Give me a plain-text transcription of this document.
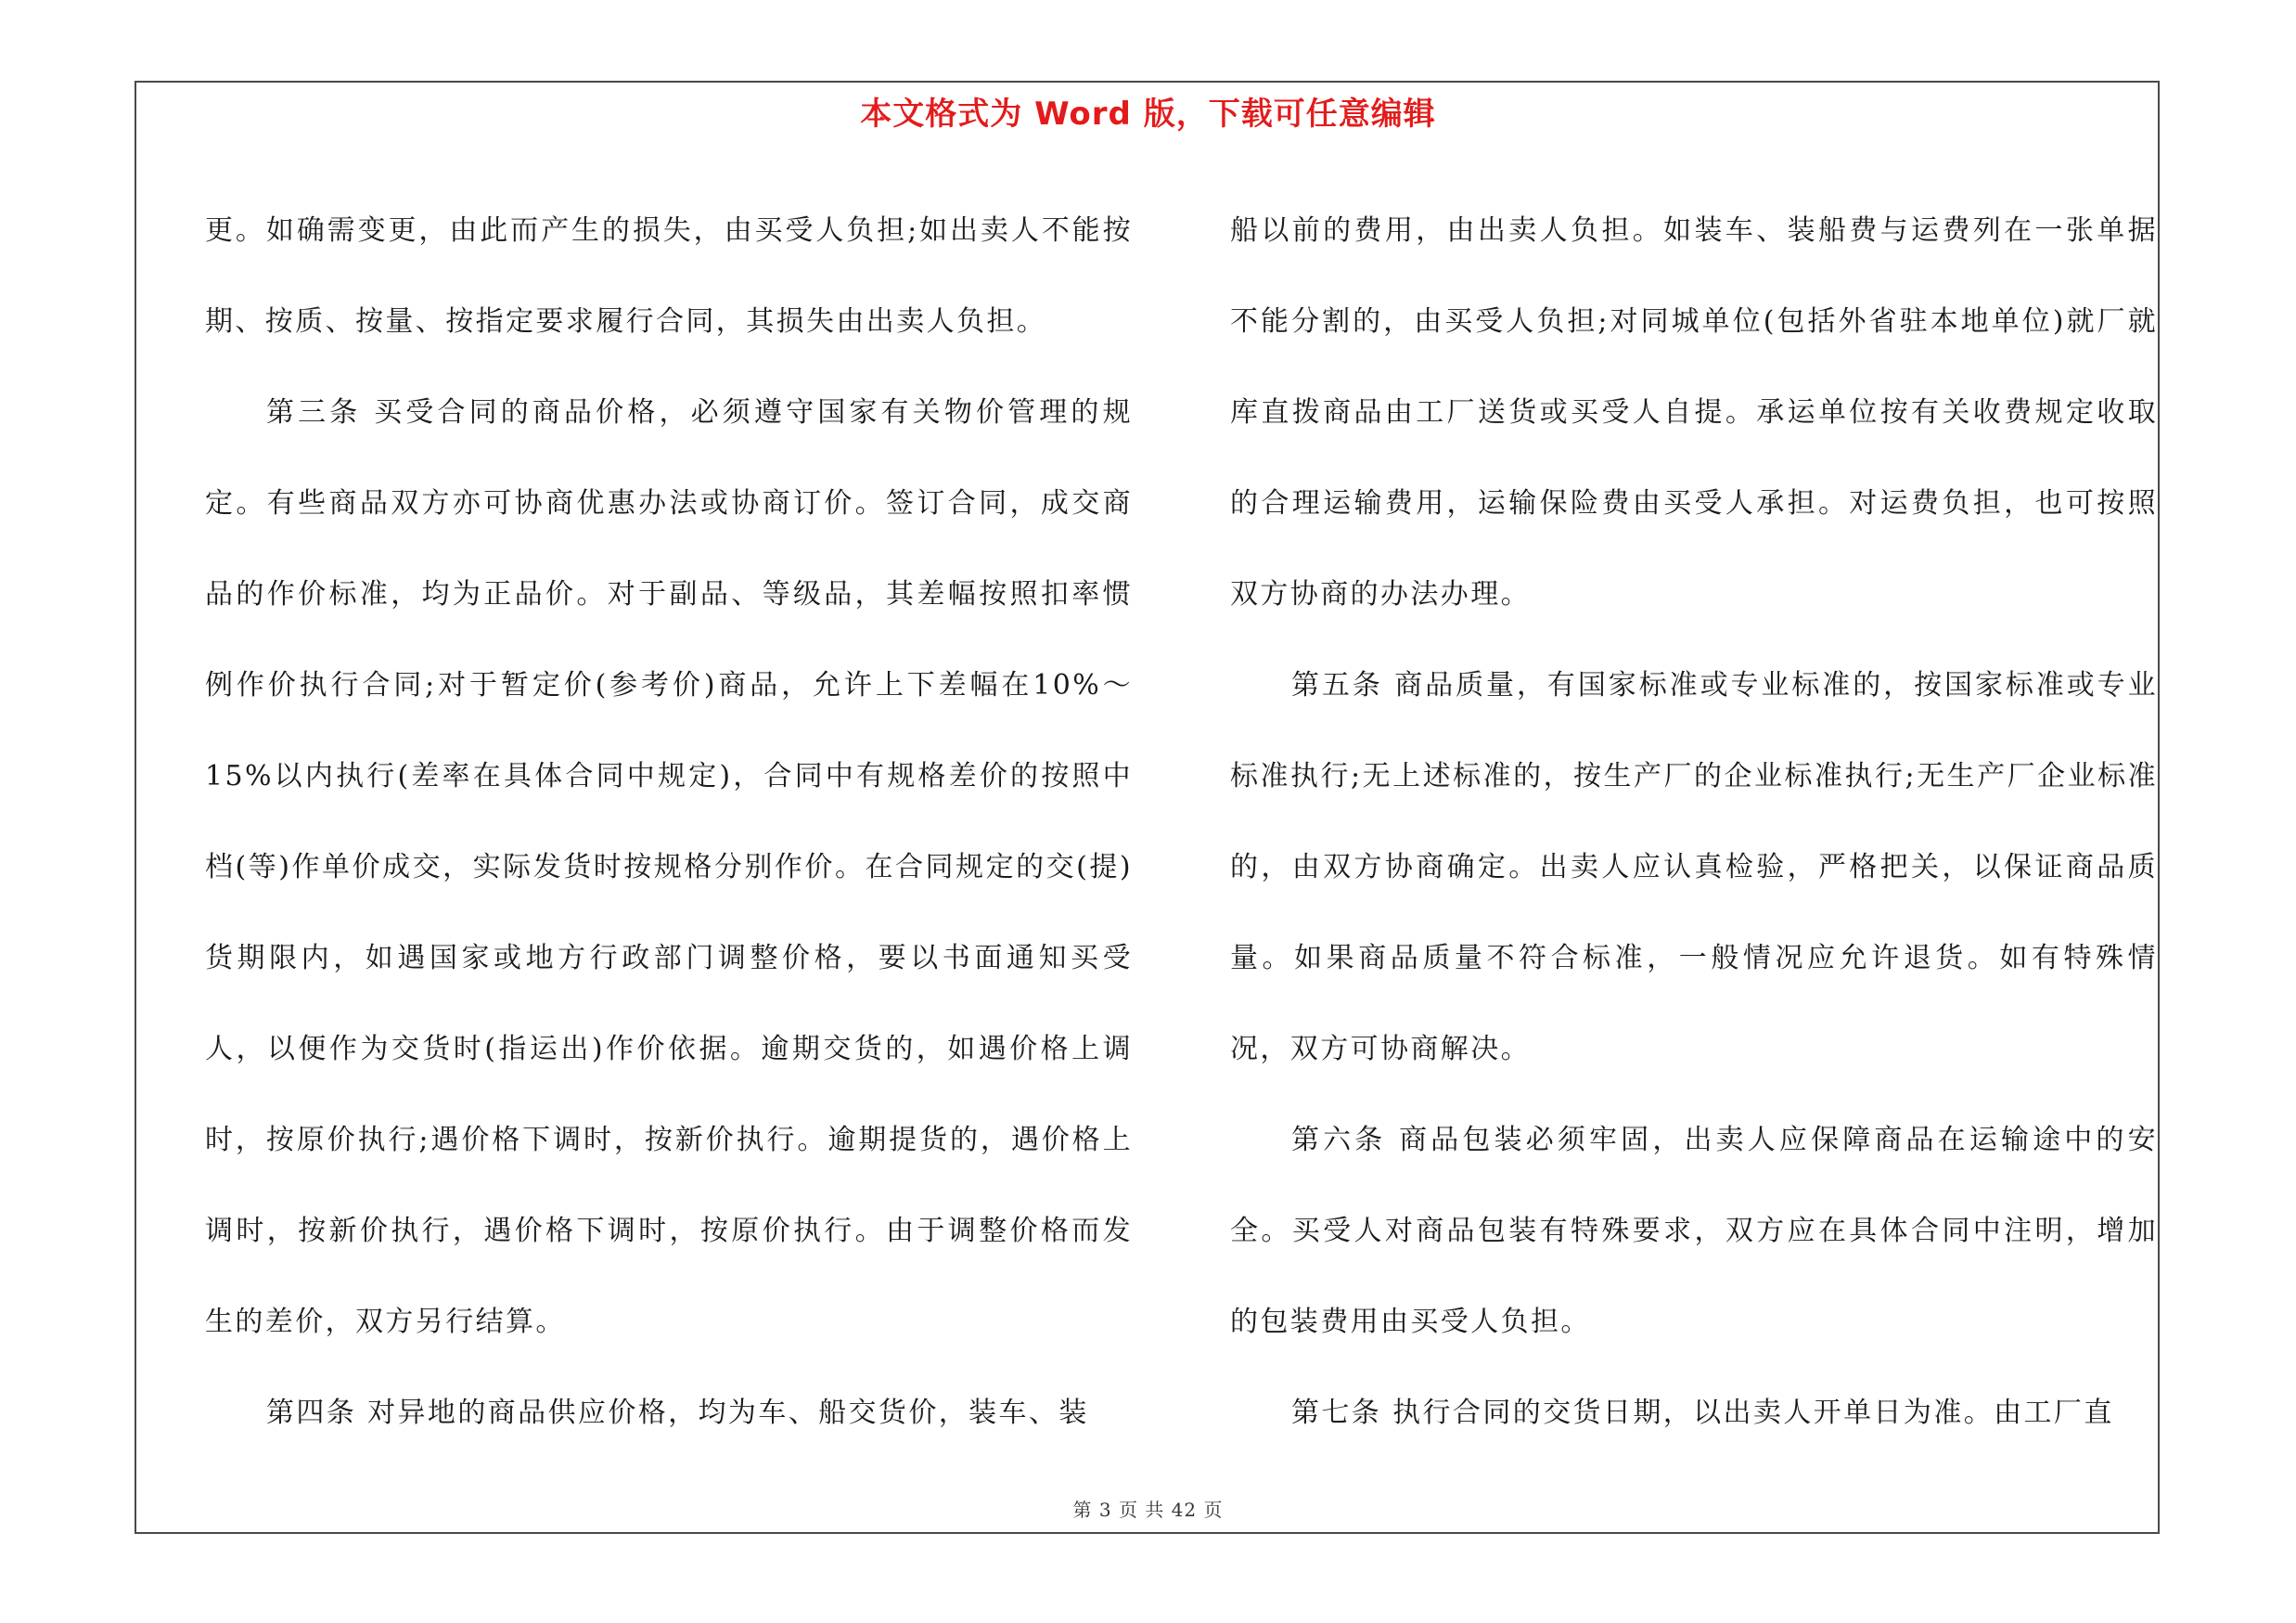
本文格式为 Word 版，下载可任意编辑

更。如确需变更，由此而产生的损失，由买受人负担;如出卖人不能按期、按质、按量、按指定要求履行合同，其损失由出卖人负担。

第三条 买受合同的商品价格，必须遵守国家有关物价管理的规定。有些商品双方亦可协商优惠办法或协商订价。签订合同，成交商品的作价标准，均为正品价。对于副品、等级品，其差幅按照扣率惯例作价执行合同;对于暂定价(参考价)商品，允许上下差幅在10%～15%以内执行(差率在具体合同中规定)，合同中有规格差价的按照中档(等)作单价成交，实际发货时按规格分别作价。在合同规定的交(提)货期限内，如遇国家或地方行政部门调整价格，要以书面通知买受人，以便作为交货时(指运出)作价依据。逾期交货的，如遇价格上调时，按原价执行;遇价格下调时，按新价执行。逾期提货的，遇价格上调时，按新价执行，遇价格下调时，按原价执行。由于调整价格而发生的差价，双方另行结算。

第四条 对异地的商品供应价格，均为车、船交货价，装车、装

船以前的费用，由出卖人负担。如装车、装船费与运费列在一张单据不能分割的，由买受人负担;对同城单位(包括外省驻本地单位)就厂就库直拨商品由工厂送货或买受人自提。承运单位按有关收费规定收取的合理运输费用，运输保险费由买受人承担。对运费负担，也可按照双方协商的办法办理。

第五条 商品质量，有国家标准或专业标准的，按国家标准或专业标准执行;无上述标准的，按生产厂的企业标准执行;无生产厂企业标准的，由双方协商确定。出卖人应认真检验，严格把关，以保证商品质量。如果商品质量不符合标准，一般情况应允许退货。如有特殊情况，双方可协商解决。

第六条 商品包装必须牢固，出卖人应保障商品在运输途中的安全。买受人对商品包装有特殊要求，双方应在具体合同中注明，增加的包装费用由买受人负担。

第七条 执行合同的交货日期，以出卖人开单日为准。由工厂直

第 3 页 共 42 页
